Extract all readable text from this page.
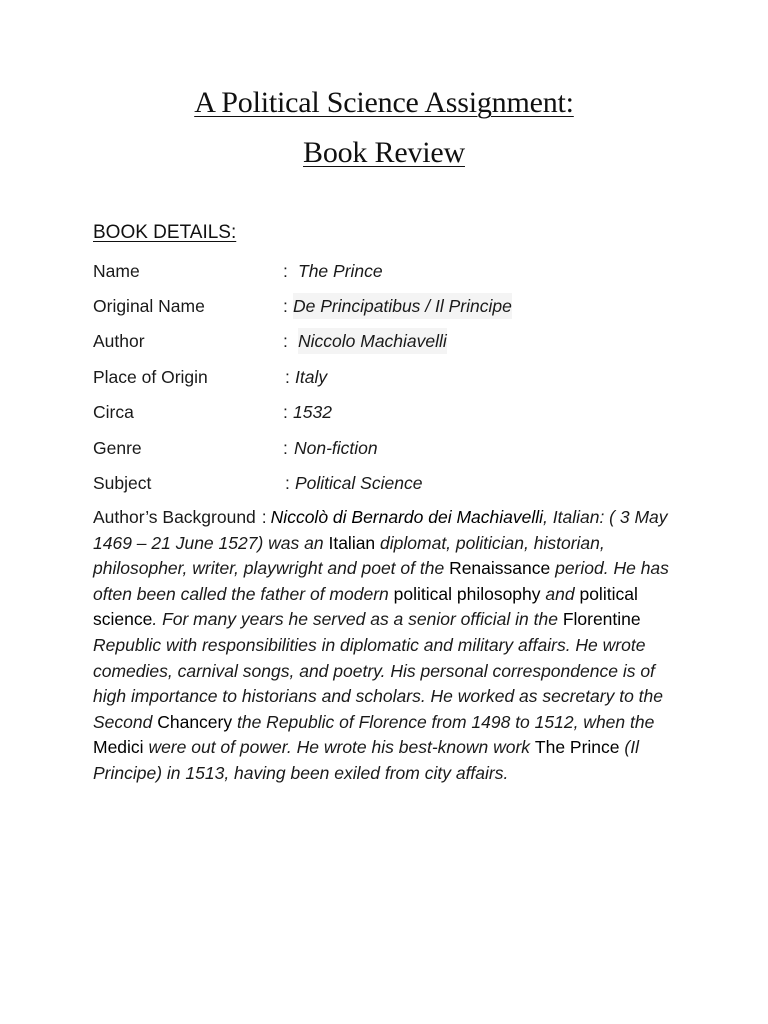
A Political Science Assignment:
Book Review
BOOK DETAILS:
Name	: The Prince
Original Name	: De Principatibus / Il Principe
Author	: Niccolo Machiavelli
Place of Origin	: Italy
Circa	: 1532
Genre	: Non-fiction
Subject	: Political Science
Author’s Background : Niccolò di Bernardo dei Machiavelli, Italian: ( 3 May 1469 – 21 June 1527) was an Italian diplomat, politician, historian, philosopher, writer, playwright and poet of the Renaissance period. He has often been called the father of modern political philosophy and political science. For many years he served as a senior official in the Florentine Republic with responsibilities in diplomatic and military affairs. He wrote comedies, carnival songs, and poetry. His personal correspondence is of high importance to historians and scholars. He worked as secretary to the Second Chancery the Republic of Florence from 1498 to 1512, when the Medici were out of power. He wrote his best-known work The Prince (Il Principe) in 1513, having been exiled from city affairs.
